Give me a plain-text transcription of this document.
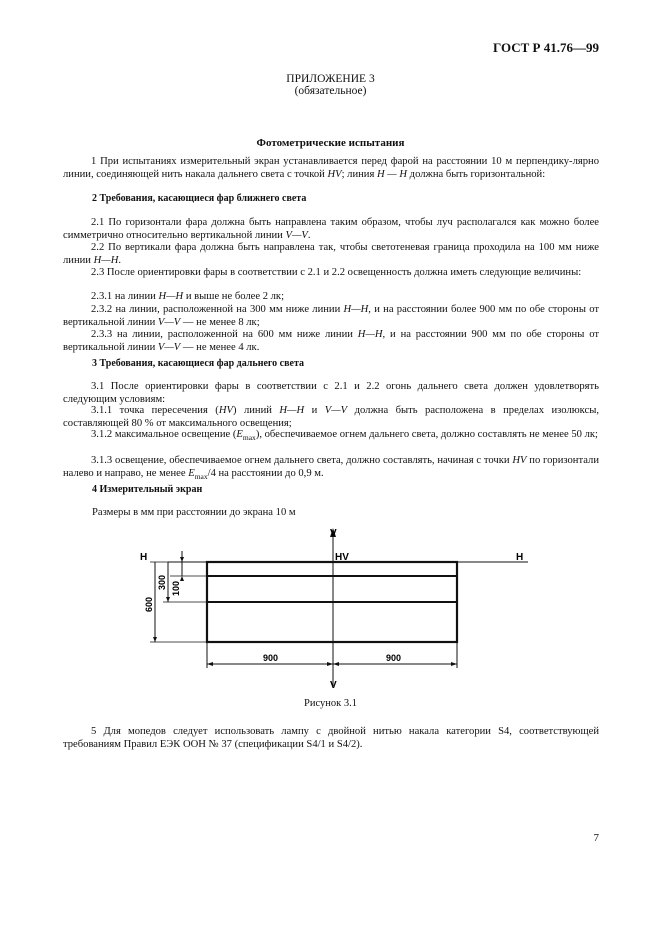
ГОСТ Р 41.76—99
ПРИЛОЖЕНИЕ 3
(обязательное)
Фотометрические испытания

1 При испытаниях измерительный экран устанавливается перед фарой на расстоянии 10 м перпендику-лярно линии, соединяющей нить накала дальнего света с точкой HV; линия H — H должна быть горизонтальной:

2 Требования, касающиеся фар ближнего света

2.1 По горизонтали фара должна быть направлена таким образом, чтобы луч располагался как можно более симметрично относительно вертикальной линии V—V.

2.2 По вертикали фара должна быть направлена так, чтобы светотеневая граница проходила на 100 мм ниже линии H—H.

2.3 После ориентировки фары в соответствии с 2.1 и 2.2 освещенность должна иметь следующие величины:

2.3.1 на линии H—H и выше не более 2 лк;

2.3.2 на линии, расположенной на 300 мм ниже линии H—H, и на расстоянии более 900 мм по обе стороны от вертикальной линии V—V — не менее 8 лк;

2.3.3 на линии, расположенной на 600 мм ниже линии H—H, и на расстоянии 900 мм по обе стороны от вертикальной линии V—V — не менее 4 лк.

3 Требования, касающиеся фар дальнего света

3.1 После ориентировки фары в соответствии с 2.1 и 2.2 огонь дальнего света должен удовлетворять следующим условиям:

3.1.1 точка пересечения (HV) линий H—H и V—V должна быть расположена в пределах изолюксы, составляющей 80 % от максимального освещения;

3.1.2 максимальное освещение $(E_{max})$, обеспечиваемое огнем дальнего света, должно составлять не менее 50 лк;

3.1.3 освещение, обеспечиваемое огнем дальнего света, должно составлять, начиная с точки HV по горизонтали налево и направо, не менее $E_{max}/4$ на расстоянии до 0,9 м.

4 Измерительный экран
Размеры в мм при расстоянии до экрана 10 м
V
V
H	H
HV
100
300
600
900	900
Рисунок 3.1

5 Для мопедов следует использовать лампу с двойной нитью накала категории S4, соответствующей требованиям Правил ЕЭК ООН № 37 (спецификации S4/1 и S4/2).

7
